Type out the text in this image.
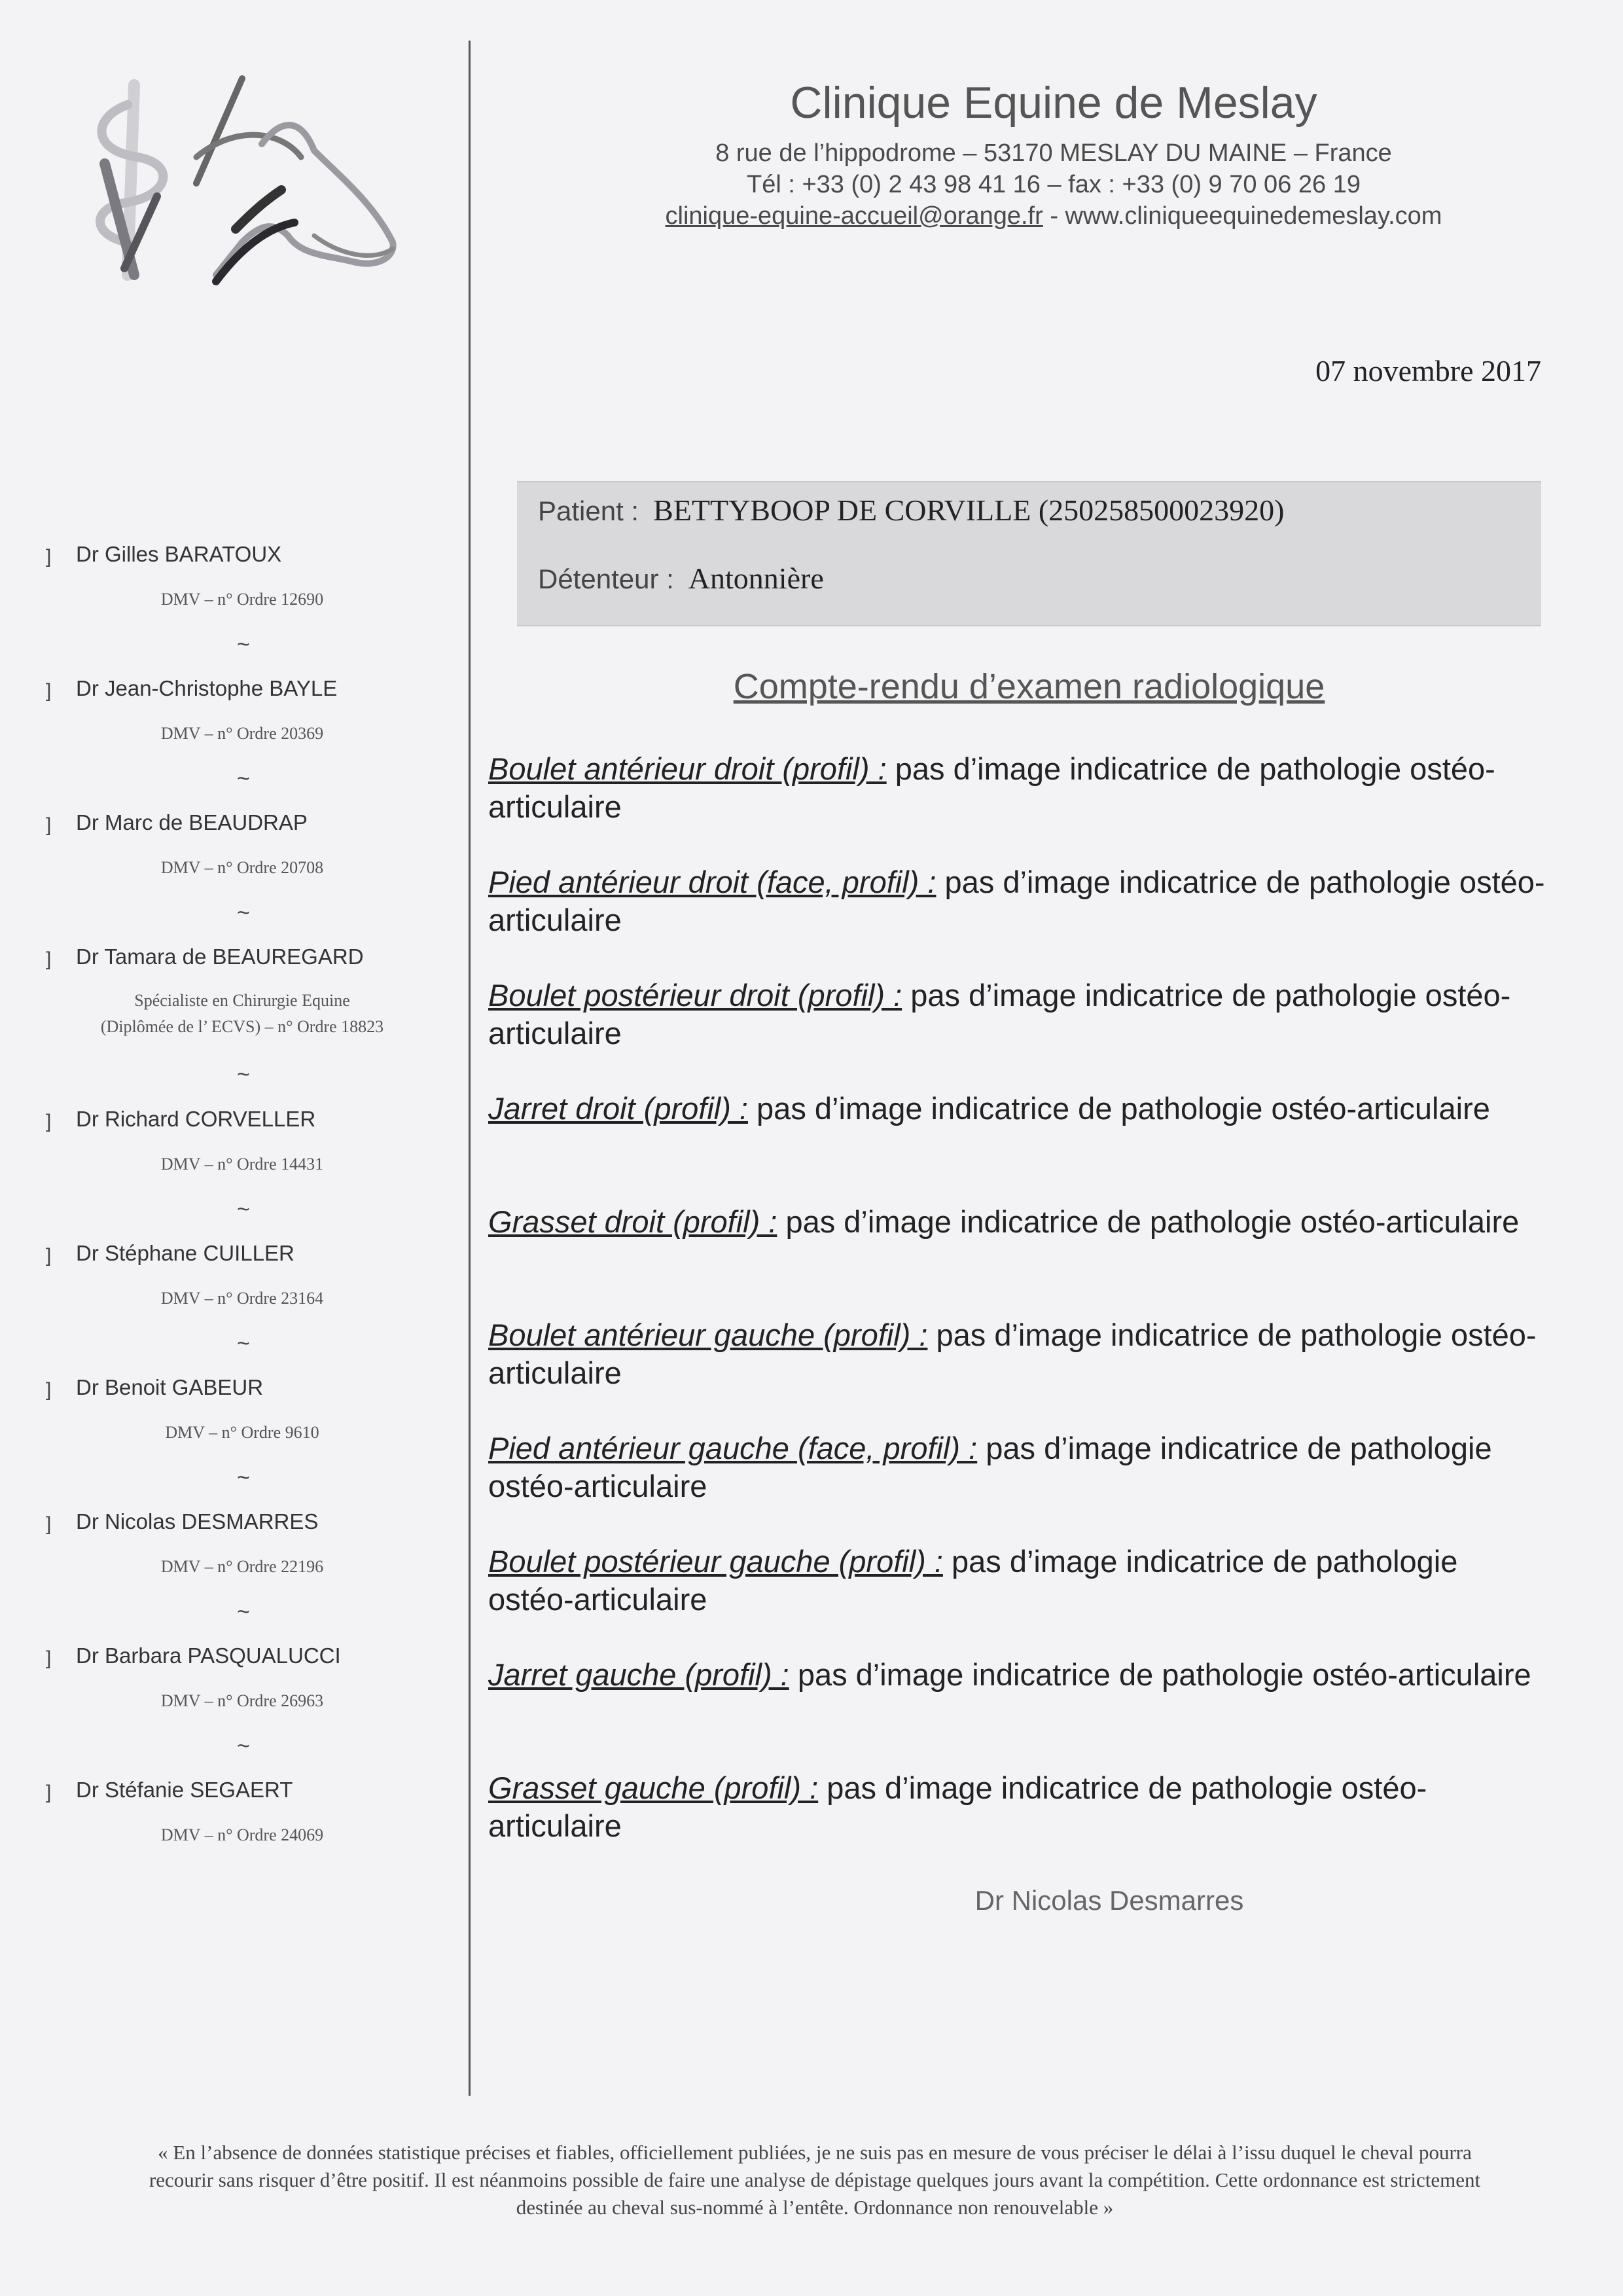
Clinique Equine de Meslay
8 rue de l’hippodrome – 53170 MESLAY DU MAINE – France
Tél : +33 (0) 2 43 98 41 16 – fax : +33 (0) 9 70 06 26 19
clinique-equine-accueil@orange.fr - www.cliniqueequinedemeslay.com
07 novembre 2017
Patient : BETTYBOOP DE CORVILLE (250258500023920)
Détenteur : Antonnière
Compte-rendu d’examen radiologique
Boulet antérieur droit (profil) : pas d’image indicatrice de pathologie ostéo-articulaire
Pied antérieur droit (face, profil) : pas d’image indicatrice de pathologie ostéo-articulaire
Boulet postérieur droit (profil) : pas d’image indicatrice de pathologie ostéo-articulaire
Jarret droit (profil) : pas d’image indicatrice de pathologie ostéo-articulaire
Grasset droit (profil) : pas d’image indicatrice de pathologie ostéo-articulaire
Boulet antérieur gauche (profil) : pas d’image indicatrice de pathologie ostéo-articulaire
Pied antérieur gauche (face, profil) : pas d’image indicatrice de pathologie ostéo-articulaire
Boulet postérieur gauche (profil) : pas d’image indicatrice de pathologie ostéo-articulaire
Jarret gauche (profil) : pas d’image indicatrice de pathologie ostéo-articulaire
Grasset gauche (profil) : pas d’image indicatrice de pathologie ostéo-articulaire
Dr Nicolas Desmarres
] Dr Gilles BARATOUX
DMV – n° Ordre 12690
~
] Dr Jean-Christophe BAYLE
DMV – n° Ordre 20369
~
] Dr Marc de BEAUDRAP
DMV – n° Ordre 20708
~
] Dr Tamara de BEAUREGARD
Spécialiste en Chirurgie Equine
(Diplômée de l’ ECVS) – n° Ordre 18823
~
] Dr Richard CORVELLER
DMV – n° Ordre 14431
~
] Dr Stéphane CUILLER
DMV – n° Ordre 23164
~
] Dr Benoit GABEUR
DMV – n° Ordre 9610
~
] Dr Nicolas DESMARRES
DMV – n° Ordre 22196
~
] Dr Barbara PASQUALUCCI
DMV – n° Ordre 26963
~
] Dr Stéfanie SEGAERT
DMV – n° Ordre 24069
« En l’absence de données statistique précises et fiables, officiellement publiées, je ne suis pas en mesure de vous préciser le délai à l’issu duquel le cheval pourra recourir sans risquer d’être positif. Il est néanmoins possible de faire une analyse de dépistage quelques jours avant la compétition. Cette ordonnance est strictement destinée au cheval sus-nommé à l’entête. Ordonnance non renouvelable »
